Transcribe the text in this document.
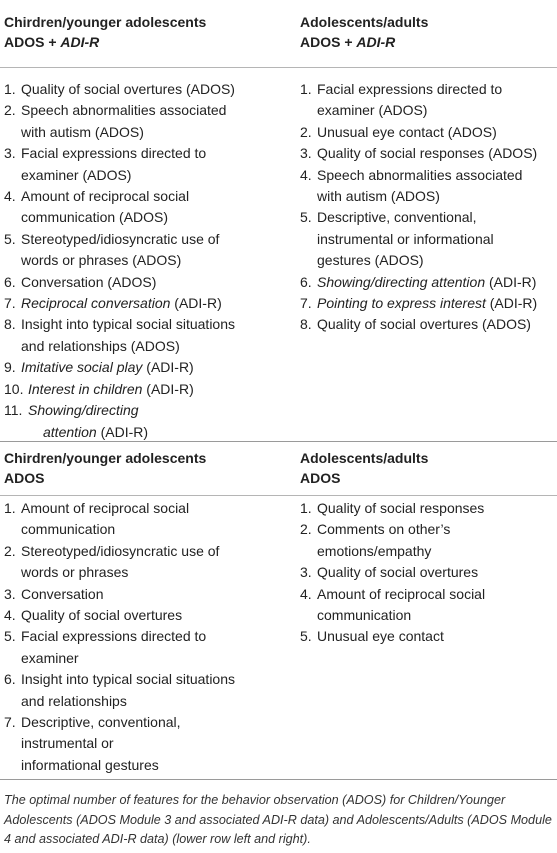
Chirdren/younger adolescents

ADOS + ADI-R

Adolescents/adults

ADOS + ADI-R

1. Quality of social overtures (ADOS)
2. Speech abnormalities associated
with autism (ADOS)
3. Facial expressions directed to
examiner (ADOS)
4. Amount of reciprocal social
communication (ADOS)
5. Stereotyped/idiosyncratic use of
words or phrases (ADOS)
6. Conversation (ADOS)
7. Reciprocal conversation (ADI-R)
8. Insight into typical social situations
and relationships (ADOS)
9. Imitative social play (ADI-R)
10. Interest in children (ADI-R)
11. Showing/directing
attention (ADI-R)
1. Facial expressions directed to
examiner (ADOS)
2. Unusual eye contact (ADOS)
3. Quality of social responses (ADOS)
4. Speech abnormalities associated
with autism (ADOS)
5. Descriptive, conventional,
instrumental or informational
gestures (ADOS)
6. Showing/directing attention (ADI-R)
7. Pointing to express interest (ADI-R)
8. Quality of social overtures (ADOS)

Chirdren/younger adolescents

ADOS

Adolescents/adults

ADOS

1. Amount of reciprocal social
communication
2. Stereotyped/idiosyncratic use of
words or phrases
3. Conversation
4. Quality of social overtures
5. Facial expressions directed to
examiner
6. Insight into typical social situations
and relationships
7. Descriptive, conventional,
instrumental or
informational gestures
1. Quality of social responses
2. Comments on other’s
emotions/empathy
3. Quality of social overtures
4. Amount of reciprocal social
communication
5. Unusual eye contact

The optimal number of features for the behavior observation (ADOS) for Children/Younger Adolescents (ADOS Module 3 and associated ADI-R data) and Adolescents/Adults (ADOS Module 4 and associated ADI-R data) (lower row left and right).
